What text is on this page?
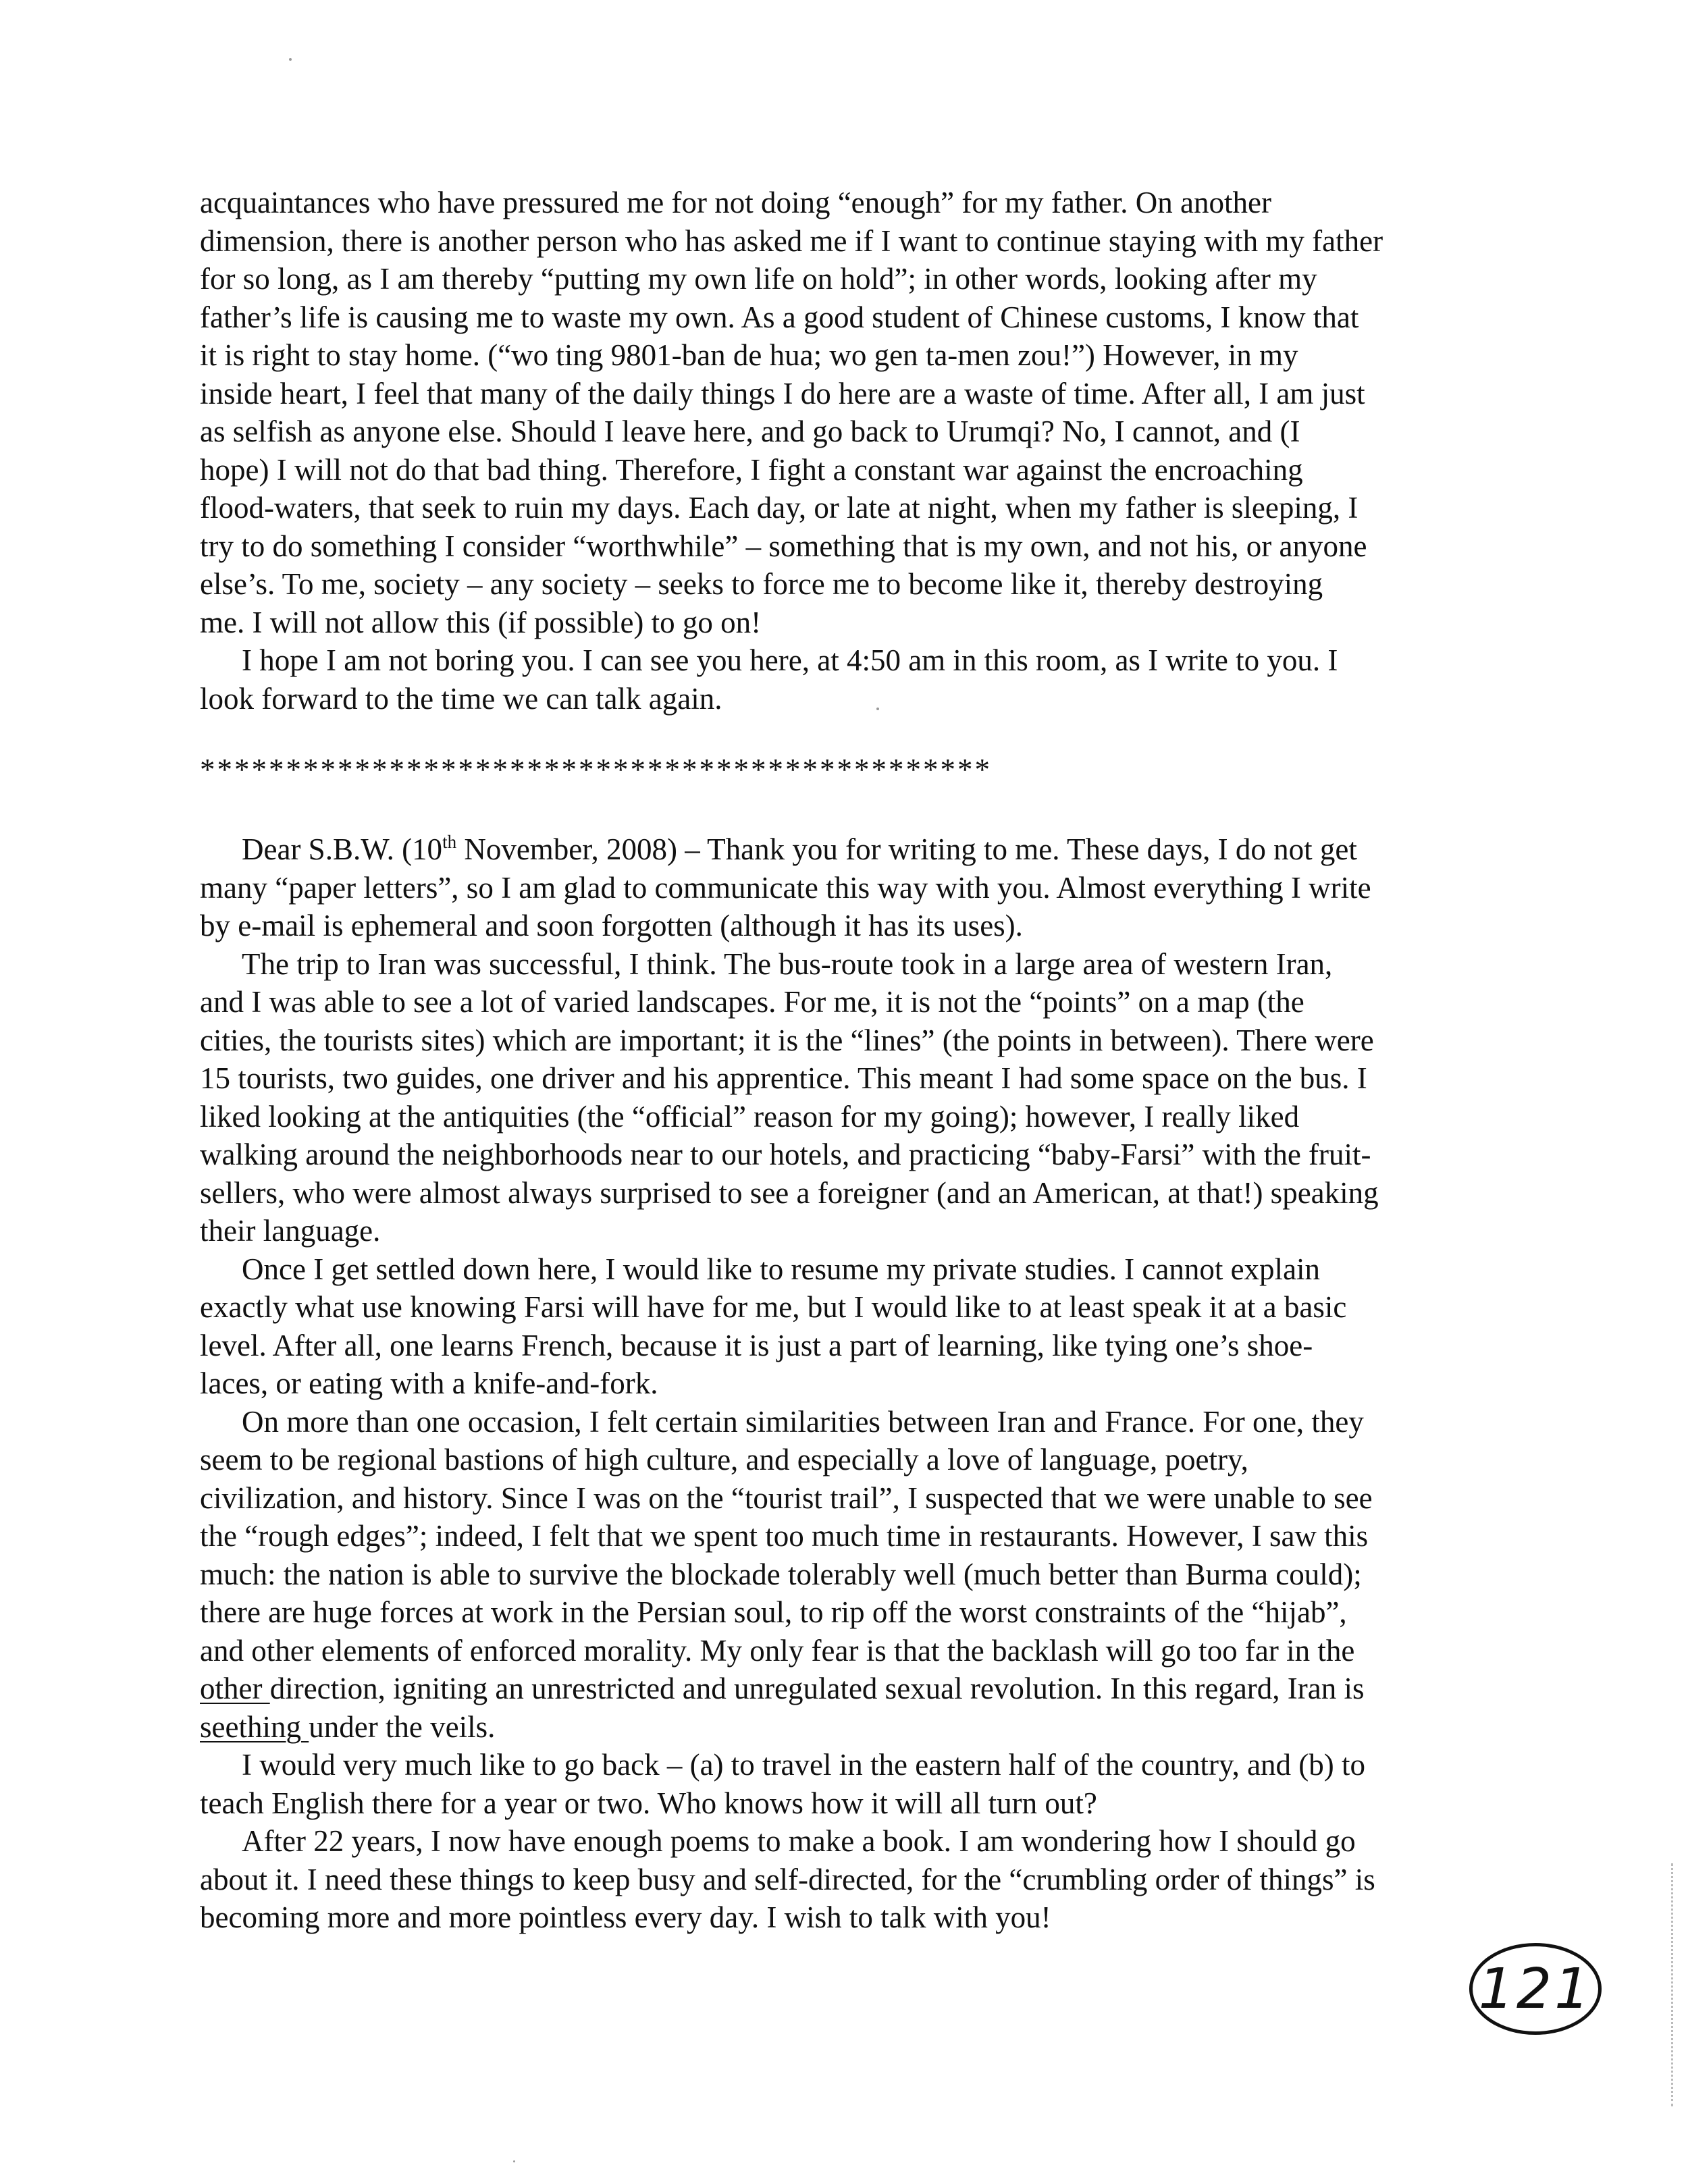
acquaintances who have pressured me for not doing “enough” for my father. On another
dimension, there is another person who has asked me if I want to continue staying with my father
for so long, as I am thereby “putting my own life on hold”; in other words, looking after my
father’s life is causing me to waste my own. As a good student of Chinese customs, I know that
it is right to stay home. (“wo ting 9801-ban de hua; wo gen ta-men zou!”) However, in my
inside heart, I feel that many of the daily things I do here are a waste of time. After all, I am just
as selfish as anyone else. Should I leave here, and go back to Urumqi? No, I cannot, and (I
hope) I will not do that bad thing. Therefore, I fight a constant war against the encroaching
flood-waters, that seek to ruin my days. Each day, or late at night, when my father is sleeping, I
try to do something I consider “worthwhile” – something that is my own, and not his, or anyone
else’s. To me, society – any society – seeks to force me to become like it, thereby destroying
me. I will not allow this (if possible) to go on!
I hope I am not boring you. I can see you here, at 4:50 am in this room, as I write to you. I
look forward to the time we can talk again.
**********************************************
Dear S.B.W. (10th November, 2008) – Thank you for writing to me. These days, I do not get
many “paper letters”, so I am glad to communicate this way with you. Almost everything I write
by e-mail is ephemeral and soon forgotten (although it has its uses).
The trip to Iran was successful, I think. The bus-route took in a large area of western Iran,
and I was able to see a lot of varied landscapes. For me, it is not the “points” on a map (the
cities, the tourists sites) which are important; it is the “lines” (the points in between). There were
15 tourists, two guides, one driver and his apprentice. This meant I had some space on the bus. I
liked looking at the antiquities (the “official” reason for my going); however, I really liked
walking around the neighborhoods near to our hotels, and practicing “baby-Farsi” with the fruit-
sellers, who were almost always surprised to see a foreigner (and an American, at that!) speaking
their language.
Once I get settled down here, I would like to resume my private studies. I cannot explain
exactly what use knowing Farsi will have for me, but I would like to at least speak it at a basic
level. After all, one learns French, because it is just a part of learning, like tying one’s shoe-
laces, or eating with a knife-and-fork.
On more than one occasion, I felt certain similarities between Iran and France. For one, they
seem to be regional bastions of high culture, and especially a love of language, poetry,
civilization, and history. Since I was on the “tourist trail”, I suspected that we were unable to see
the “rough edges”; indeed, I felt that we spent too much time in restaurants. However, I saw this
much: the nation is able to survive the blockade tolerably well (much better than Burma could);
there are huge forces at work in the Persian soul, to rip off the worst constraints of the “hijab”,
and other elements of enforced morality. My only fear is that the backlash will go too far in the
other direction, igniting an unrestricted and unregulated sexual revolution. In this regard, Iran is
seething under the veils.
I would very much like to go back – (a) to travel in the eastern half of the country, and (b) to
teach English there for a year or two. Who knows how it will all turn out?
After 22 years, I now have enough poems to make a book. I am wondering how I should go
about it. I need these things to keep busy and self-directed, for the “crumbling order of things” is
becoming more and more pointless every day. I wish to talk with you!
121
